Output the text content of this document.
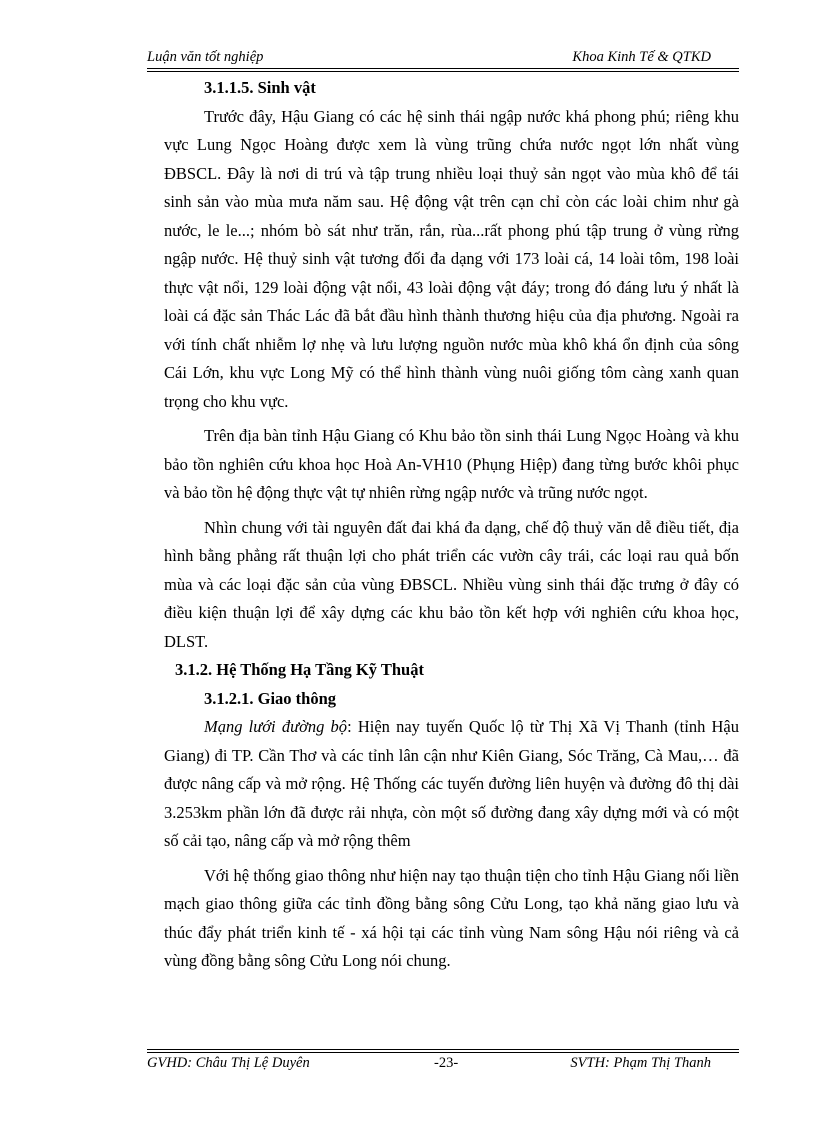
Luận văn tốt nghiệp	Khoa Kinh Tế & QTKD
3.1.1.5. Sinh vật

Trước đây, Hậu Giang có các hệ sinh thái ngập nước khá phong phú; riêng khu vực Lung Ngọc Hoàng được xem là vùng trũng chứa nước ngọt lớn nhất vùng ĐBSCL. Đây là nơi di trú và tập trung nhiều loại thuỷ sản ngọt vào mùa khô để tái sinh sản vào mùa mưa năm sau. Hệ động vật trên cạn chỉ còn các loài chim như gà nước, le le...; nhóm bò sát như trăn, rắn, rùa...rất phong phú tập trung ở vùng rừng ngập nước. Hệ thuỷ sinh vật tương đối đa dạng với 173 loài cá, 14 loài tôm, 198 loài thực vật nổi, 129 loài động vật nổi, 43 loài động vật đáy; trong đó đáng lưu ý nhất là loài cá đặc sản Thác Lác đã bắt đầu hình thành thương hiệu của địa phương. Ngoài ra với tính chất nhiễm lợ nhẹ và lưu lượng nguồn nước mùa khô khá ổn định của sông Cái Lớn, khu vực Long Mỹ có thể hình thành vùng nuôi giống tôm càng xanh quan trọng cho khu vực.

Trên địa bàn tỉnh Hậu Giang có Khu bảo tồn sinh thái Lung Ngọc Hoàng và khu bảo tồn nghiên cứu khoa học Hoà An-VH10 (Phụng Hiệp) đang từng bước khôi phục và bảo tồn hệ động thực vật tự nhiên rừng ngập nước và trũng nước ngọt.

Nhìn chung với tài nguyên đất đai khá đa dạng, chế độ thuỷ văn dễ điều tiết, địa hình bằng phẳng rất thuận lợi cho phát triển các vườn cây trái, các loại rau quả bốn mùa và các loại đặc sản của vùng ĐBSCL. Nhiều vùng sinh thái đặc trưng ở đây có điều kiện thuận lợi để xây dựng các khu bảo tồn kết hợp với nghiên cứu khoa học, DLST.

3.1.2. Hệ Thống Hạ Tầng Kỹ Thuật
3.1.2.1. Giao thông

Mạng lưới đường bộ: Hiện nay tuyến Quốc lộ từ Thị Xã Vị Thanh (tỉnh Hậu Giang) đi TP. Cần Thơ và các tỉnh lân cận như Kiên Giang, Sóc Trăng, Cà Mau,… đã được nâng cấp và mở rộng. Hệ Thống các tuyến đường liên huyện và đường đô thị dài 3.253km phần lớn đã được rải nhựa, còn một số đường đang xây dựng mới và có một số cải tạo, nâng cấp và mở rộng thêm

Với hệ thống giao thông như hiện nay tạo thuận tiện cho tỉnh Hậu Giang nối liền mạch giao thông giữa các tỉnh đồng bằng sông Cửu Long, tạo khả năng giao lưu và thúc đẩy phát triển kinh tế - xá hội tại các tỉnh vùng Nam sông Hậu nói riêng và cả vùng đồng bằng sông Cửu Long nói chung.

GVHD: Châu Thị Lệ Duyên	-23-	SVTH: Phạm Thị Thanh
